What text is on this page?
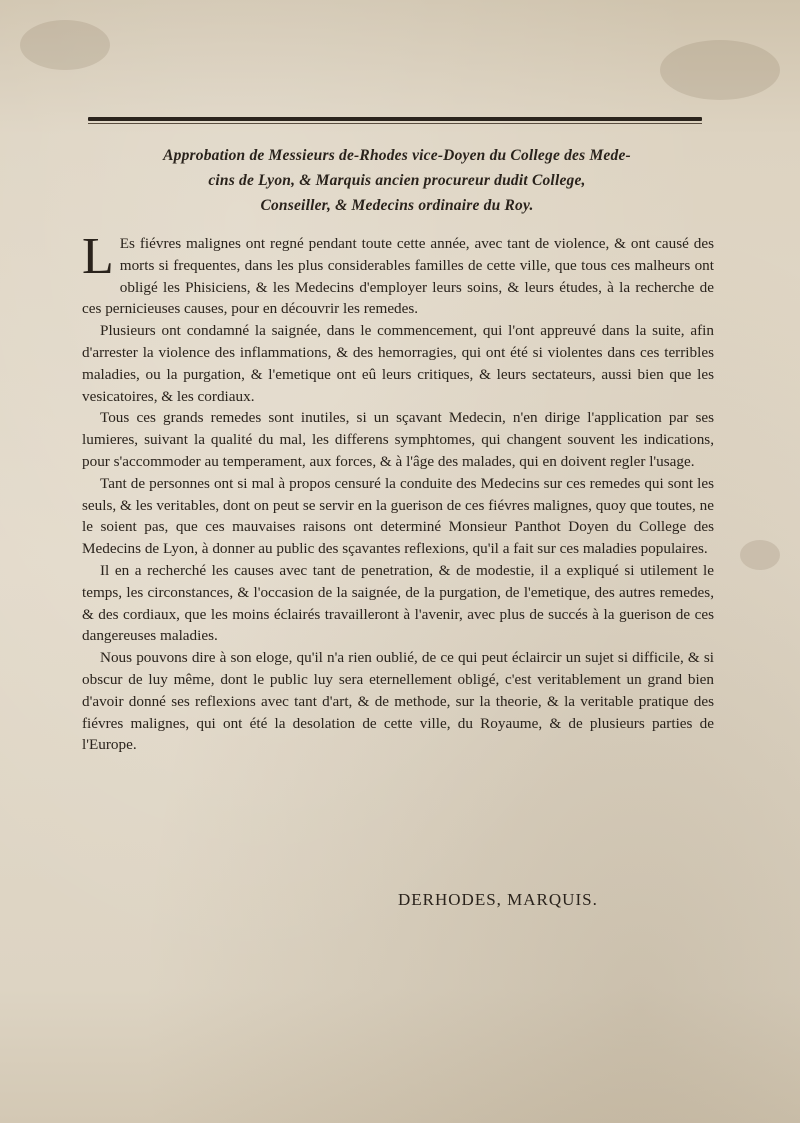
Approbation de Messieurs de-Rhodes vice-Doyen du College des Mede-
cins de Lyon, & Marquis ancien procureur dudit College,
Conseiller, & Medecins ordinaire du Roy.

L Es fiévres malignes ont regné pendant toute cette année, avec tant de violence, & ont causé des morts si frequentes, dans les plus considerables familles de cette ville, que tous ces malheurs ont obligé les Phisiciens, & les Medecins d'employer leurs soins, & leurs études, à la recherche de ces pernicieuses causes, pour en découvrir les remedes.

Plusieurs ont condamné la saignée, dans le commencement, qui l'ont appreuvé dans la suite, afin d'arrester la violence des inflammations, & des hemorragies, qui ont été si violentes dans ces terribles maladies, ou la purgation, & l'emetique ont eû leurs critiques, & leurs sectateurs, aussi bien que les vesicatoires, & les cordiaux.

Tous ces grands remedes sont inutiles, si un sçavant Medecin, n'en dirige l'application par ses lumieres, suivant la qualité du mal, les differens symphtomes, qui changent souvent les indications, pour s'accommoder au temperament, aux forces, & à l'âge des malades, qui en doivent regler l'usage.

Tant de personnes ont si mal à propos censuré la conduite des Medecins sur ces remedes qui sont les seuls, & les veritables, dont on peut se servir en la guerison de ces fiévres malignes, quoy que toutes, ne le soient pas, que ces mauvaises raisons ont determiné Monsieur Panthot Doyen du College des Medecins de Lyon, à donner au public des sçavantes reflexions, qu'il a fait sur ces maladies populaires.

Il en a recherché les causes avec tant de penetration, & de modestie, il a expliqué si utilement le temps, les circonstances, & l'occasion de la saignée, de la purgation, de l'emetique, des autres remedes, & des cordiaux, que les moins éclairés travailleront à l'avenir, avec plus de succés à la guerison de ces dangereuses maladies.

Nous pouvons dire à son eloge, qu'il n'a rien oublié, de ce qui peut éclaircir un sujet si difficile, & si obscur de luy même, dont le public luy sera eternellement obligé, c'est veritablement un grand bien d'avoir donné ses reflexions avec tant d'art, & de methode, sur la theorie, & la veritable pratique des fiévres malignes, qui ont été la desolation de cette ville, du Royaume, & de plusieurs parties de l'Europe.

DERHODES, MARQUIS.
